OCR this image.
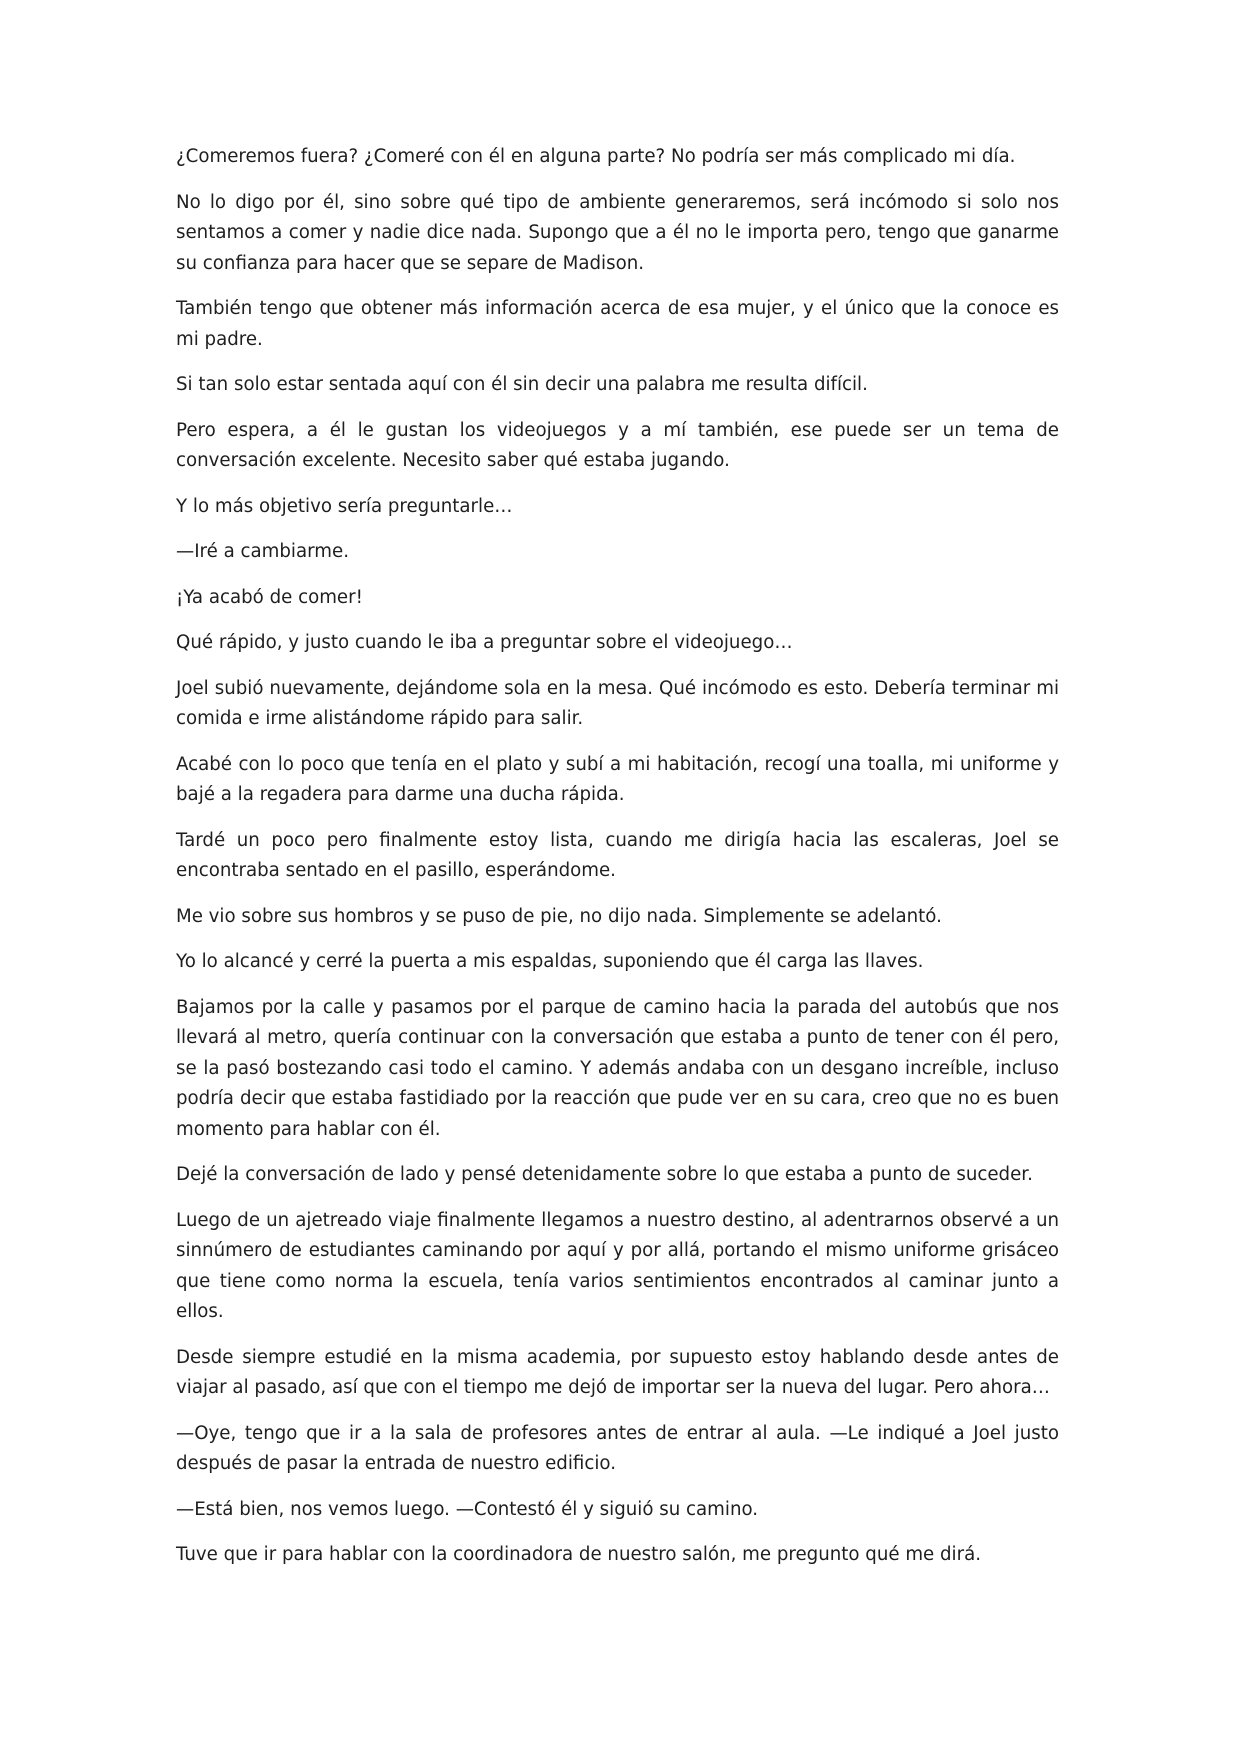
¿Comeremos fuera? ¿Comeré con él en alguna parte? No podría ser más complicado mi día.

No lo digo por él, sino sobre qué tipo de ambiente generaremos, será incómodo si solo nos sentamos a comer y nadie dice nada. Supongo que a él no le importa pero, tengo que ganarme su confianza para hacer que se separe de Madison.

También tengo que obtener más información acerca de esa mujer, y el único que la conoce es mi padre.

Si tan solo estar sentada aquí con él sin decir una palabra me resulta difícil.

Pero espera, a él le gustan los videojuegos y a mí también, ese puede ser un tema de conversación excelente. Necesito saber qué estaba jugando.

Y lo más objetivo sería preguntarle…

—Iré a cambiarme.

¡Ya acabó de comer!

Qué rápido, y justo cuando le iba a preguntar sobre el videojuego…

Joel subió nuevamente, dejándome sola en la mesa. Qué incómodo es esto. Debería terminar mi comida e irme alistándome rápido para salir.

Acabé con lo poco que tenía en el plato y subí a mi habitación, recogí una toalla, mi uniforme y bajé a la regadera para darme una ducha rápida.

Tardé un poco pero finalmente estoy lista, cuando me dirigía hacia las escaleras, Joel se encontraba sentado en el pasillo, esperándome.

Me vio sobre sus hombros y se puso de pie, no dijo nada. Simplemente se adelantó.

Yo lo alcancé y cerré la puerta a mis espaldas, suponiendo que él carga las llaves.

Bajamos por la calle y pasamos por el parque de camino hacia la parada del autobús que nos llevará al metro, quería continuar con la conversación que estaba a punto de tener con él pero, se la pasó bostezando casi todo el camino. Y además andaba con un desgano increíble, incluso podría decir que estaba fastidiado por la reacción que pude ver en su cara, creo que no es buen momento para hablar con él.

Dejé la conversación de lado y pensé detenidamente sobre lo que estaba a punto de suceder.

Luego de un ajetreado viaje finalmente llegamos a nuestro destino, al adentrarnos observé a un sinnúmero de estudiantes caminando por aquí y por allá, portando el mismo uniforme grisáceo que tiene como norma la escuela, tenía varios sentimientos encontrados al caminar junto a ellos.

Desde siempre estudié en la misma academia, por supuesto estoy hablando desde antes de viajar al pasado, así que con el tiempo me dejó de importar ser la nueva del lugar. Pero ahora…

—Oye, tengo que ir a la sala de profesores antes de entrar al aula. —Le indiqué a Joel justo después de pasar la entrada de nuestro edificio.

—Está bien, nos vemos luego. —Contestó él y siguió su camino.

Tuve que ir para hablar con la coordinadora de nuestro salón, me pregunto qué me dirá.
